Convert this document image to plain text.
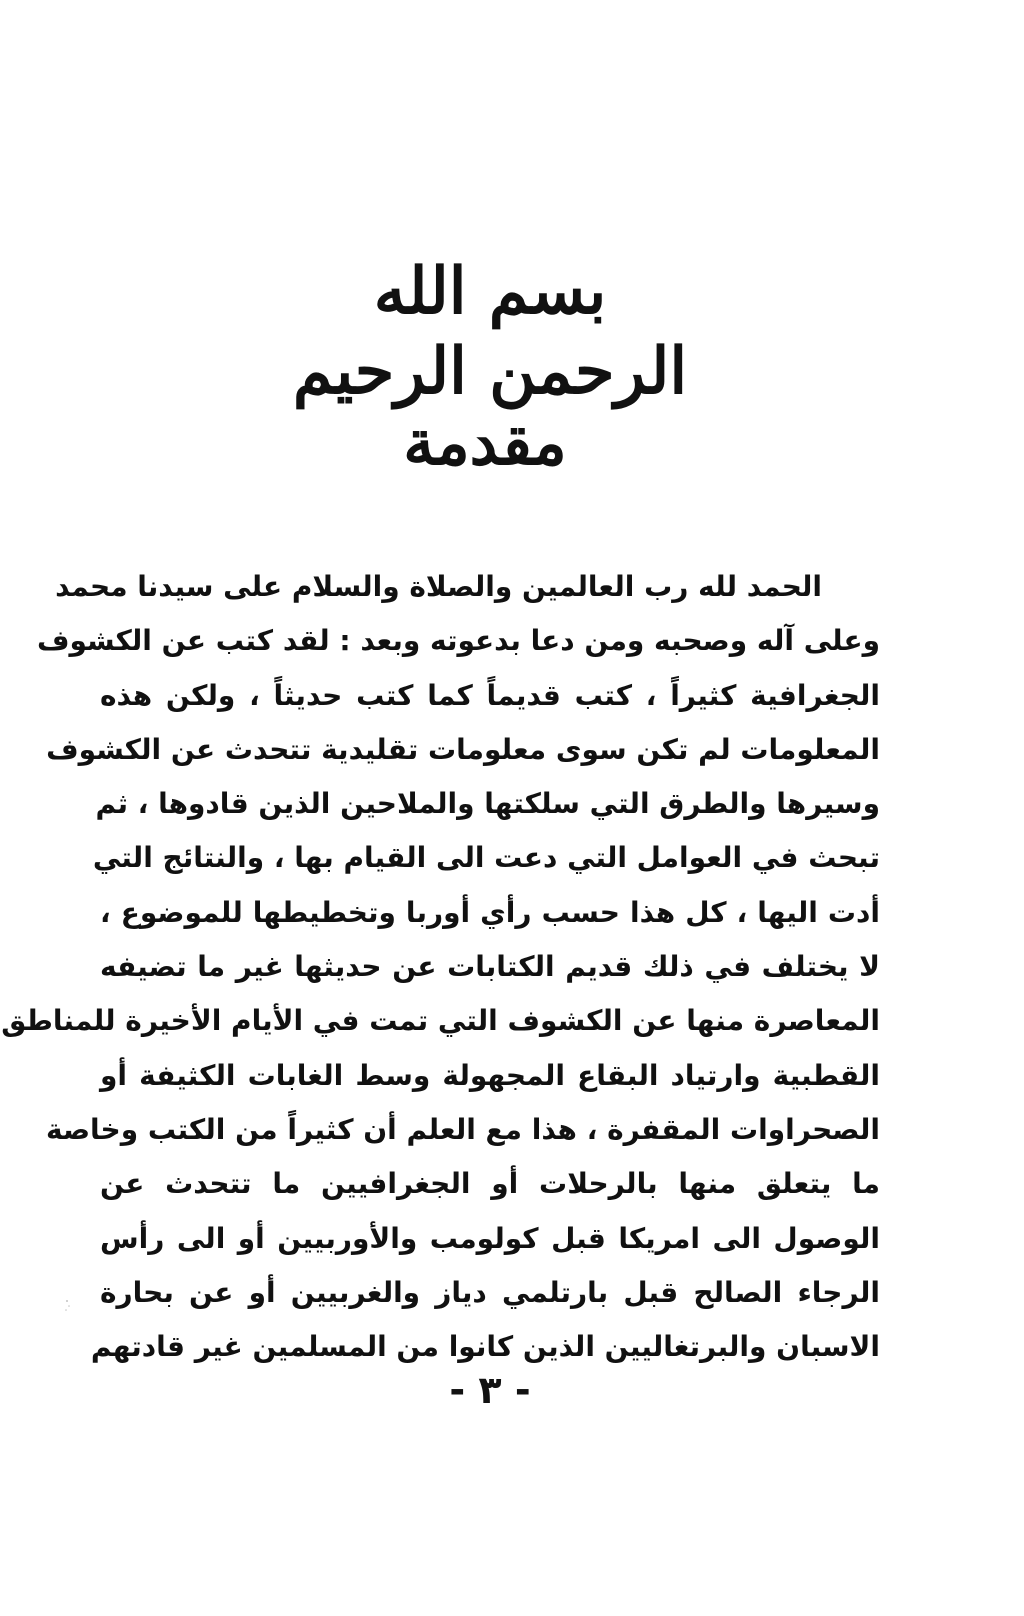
بسم الله الرحمن الرحيم
مقدمة
الحمد لله رب العالمين والصلاة والسلام على سيدنا محمد
وعلى آله وصحبه ومن دعا بدعوته وبعد : لقد كتب عن الكشوف
الجغرافية كثيراً ، كتب قديماً كما كتب حديثاً ، ولكن هذه
المعلومات لم تكن سوى معلومات تقليدية تتحدث عن الكشوف
وسيرها والطرق التي سلكتها والملاحين الذين قادوها ، ثم
تبحث في العوامل التي دعت الى القيام بها ، والنتائج التي
أدت اليها ، كل هذا حسب رأي أوربا وتخطيطها للموضوع ،
لا يختلف في ذلك قديم الكتابات عن حديثها غير ما تضيفه
المعاصرة منها عن الكشوف التي تمت في الأيام الأخيرة للمناطق
القطبية وارتياد البقاع المجهولة وسط الغابات الكثيفة أو
الصحراوات المقفرة ، هذا مع العلم أن كثيراً من الكتب وخاصة
ما يتعلق منها بالرحلات أو الجغرافيين ما تتحدث عن
الوصول الى امريكا قبل كولومب والأوربيين أو الى رأس
الرجاء الصالح قبل بارتلمي دياز والغربيين أو عن بحارة
الاسبان والبرتغاليين الذين كانوا من المسلمين غير قادتهم
- ٣ -
